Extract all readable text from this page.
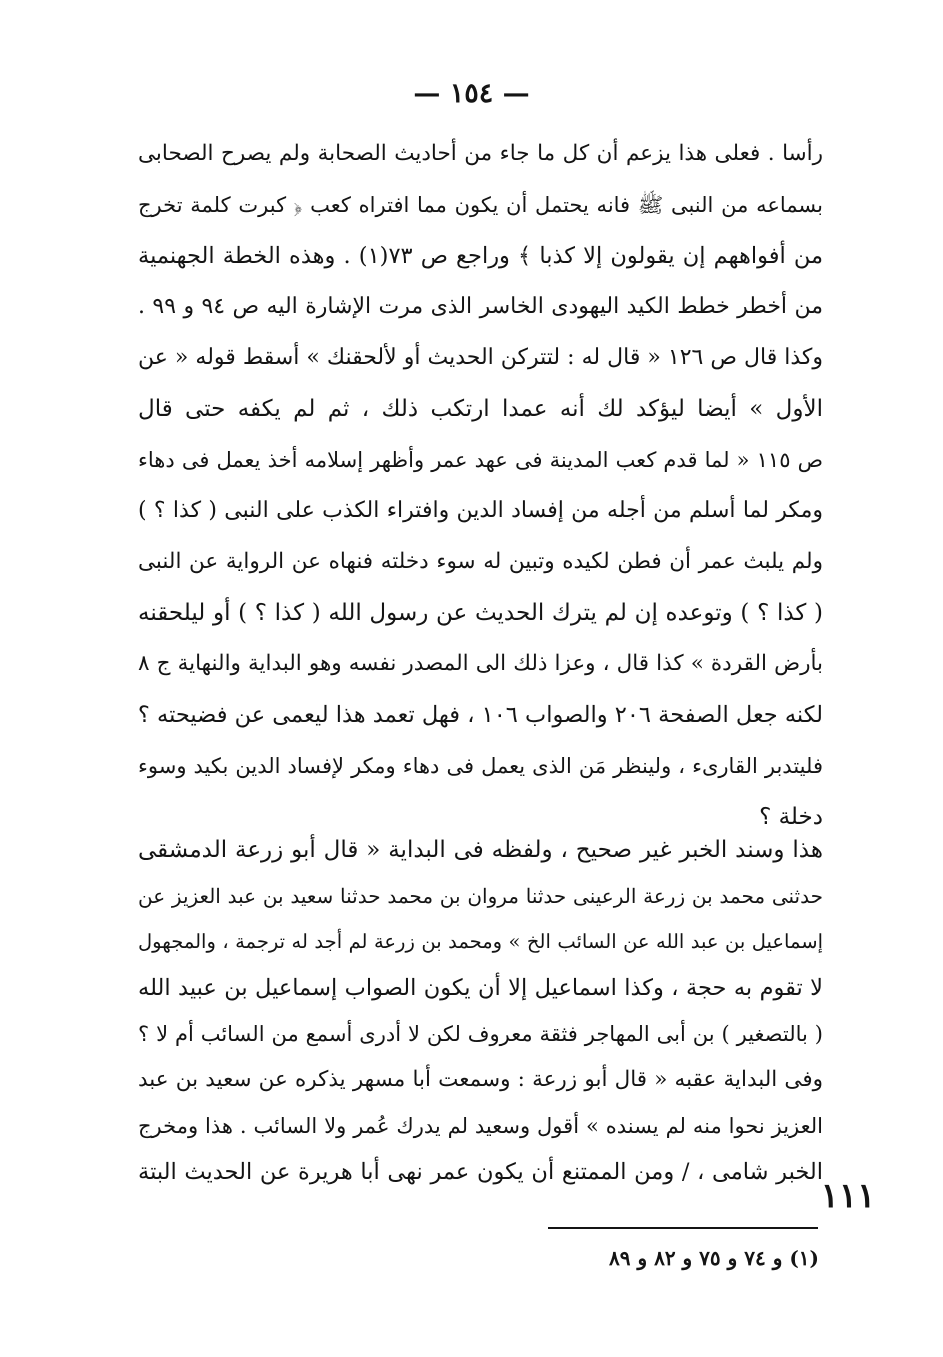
— ١٥٤ —
رأسا . فعلى هذا يزعم أن كل ما جاء من أحاديث الصحابة ولم يصرح الصحابى
بسماعه من النبى ﷺ فانه يحتمل أن يكون مما افتراه كعب ﴿ كبرت كلمة تخرج
من أفواههم إن يقولون إلا كذبا ﴾ وراجع ص ٧٣(١) . وهذه الخطة الجهنمية
من أخطر خطط الكيد اليهودى الخاسر الذى مرت الإشارة اليه ص ٩٤ و ٩٩ .
وكذا قال ص ١٢٦ « قال له : لتتركن الحديث أو لألحقنك » أسقط قوله « عن
الأول » أيضا ليؤكد لك أنه عمدا ارتكب ذلك ، ثم لم يكفه حتى قال
ص ١١٥ « لما قدم كعب المدينة فى عهد عمر وأظهر إسلامه أخذ يعمل فى دهاء
ومكر لما أسلم من أجله من إفساد الدين وافتراء الكذب على النبى ( كذا ؟ )
ولم يلبث عمر أن فطن لكيده وتبين له سوء دخلته فنهاه عن الرواية عن النبى
( كذا ؟ ) وتوعده إن لم يترك الحديث عن رسول الله ( كذا ؟ ) أو ليلحقنه
بأرض القردة » كذا قال ، وعزا ذلك الى المصدر نفسه وهو البداية والنهاية ج ٨
لكنه جعل الصفحة ٢٠٦ والصواب ١٠٦ ، فهل تعمد هذا ليعمى عن فضيحته ؟
فليتدبر القارىء ، ولينظر مَن الذى يعمل فى دهاء ومكر لإفساد الدين بكيد وسوء
دخلة ؟
هذا وسند الخبر غير صحيح ، ولفظه فى البداية « قال أبو زرعة الدمشقى
حدثنى محمد بن زرعة الرعينى حدثنا مروان بن محمد حدثنا سعيد بن عبد العزيز عن
إسماعيل بن عبد الله عن السائب الخ » ومحمد بن زرعة لم أجد له ترجمة ، والمجهول
لا تقوم به حجة ، وكذا اسماعيل إلا أن يكون الصواب إسماعيل بن عبيد الله
( بالتصغير ) بن أبى المهاجر فثقة معروف لكن لا أدرى أسمع من السائب أم لا ؟
وفى البداية عقبه « قال أبو زرعة : وسمعت أبا مسهر يذكره عن سعيد بن عبد
العزيز نحوا منه لم يسنده » أقول وسعيد لم يدرك عُمر ولا السائب . هذا ومخرج
الخبر شامى ، / ومن الممتنع أن يكون عمر نهى أبا هريرة عن الحديث البتة
١١١
(١) و ٧٤ و ٧٥ و ٨٢ و ٨٩
